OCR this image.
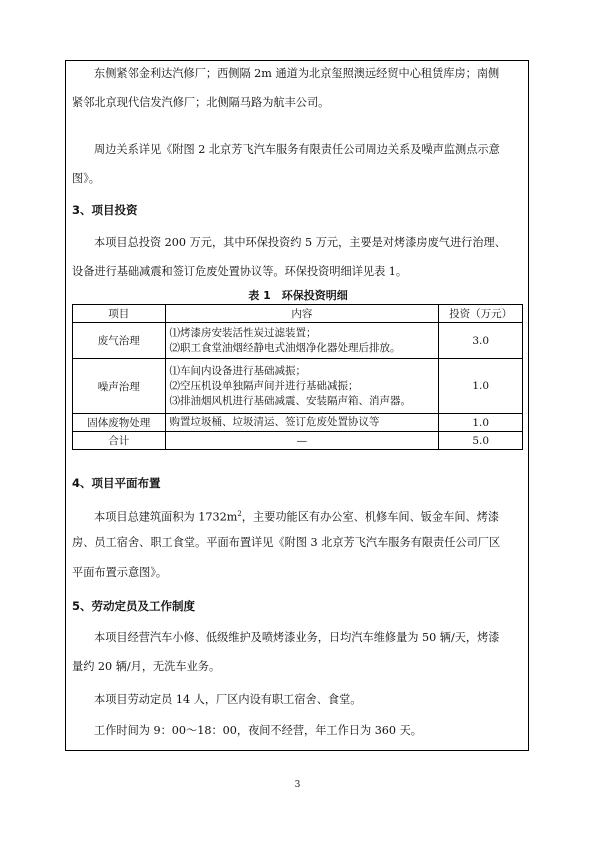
东侧紧邻金利达汽修厂；西侧隔 2m 通道为北京玺照澳远经贸中心租赁库房；南侧

紧邻北京现代信发汽修厂；北侧隔马路为航丰公司。

周边关系详见《附图 2 北京芳飞汽车服务有限责任公司周边关系及噪声监测点示意

图》。

3、项目投资

本项目总投资 200 万元，其中环保投资约 5 万元，主要是对烤漆房废气进行治理、

设备进行基础减震和签订危废处置协议等。环保投资明细详见表 1。

表 1　环保投资明细
项目	内容	投资（万元）
废气治理	⑴烤漆房安装活性炭过滤装置；
⑵职工食堂油烟经静电式油烟净化器处理后排放。	3.0
噪声治理	⑴车间内设备进行基础减振；
⑵空压机设单独隔声间并进行基础减振；
⑶排油烟风机进行基础减震、安装隔声箱、消声器。	1.0
固体废物处理	购置垃圾桶、垃圾清运、签订危废处置协议等	1.0
合计	—	5.0

4、项目平面布置

本项目总建筑面积为 $1732m^2$，主要功能区有办公室、机修车间、钣金车间、烤漆

房、员工宿舍、职工食堂。平面布置详见《附图 3 北京芳飞汽车服务有限责任公司厂区

平面布置示意图》。

5、劳动定员及工作制度

本项目经营汽车小修、低级维护及喷烤漆业务，日均汽车维修量为 50 辆/天，烤漆

量约 20 辆/月，无洗车业务。

本项目劳动定员 14 人，厂区内设有职工宿舍、食堂。

工作时间为 9：00～18：00，夜间不经营，年工作日为 360 天。

3
